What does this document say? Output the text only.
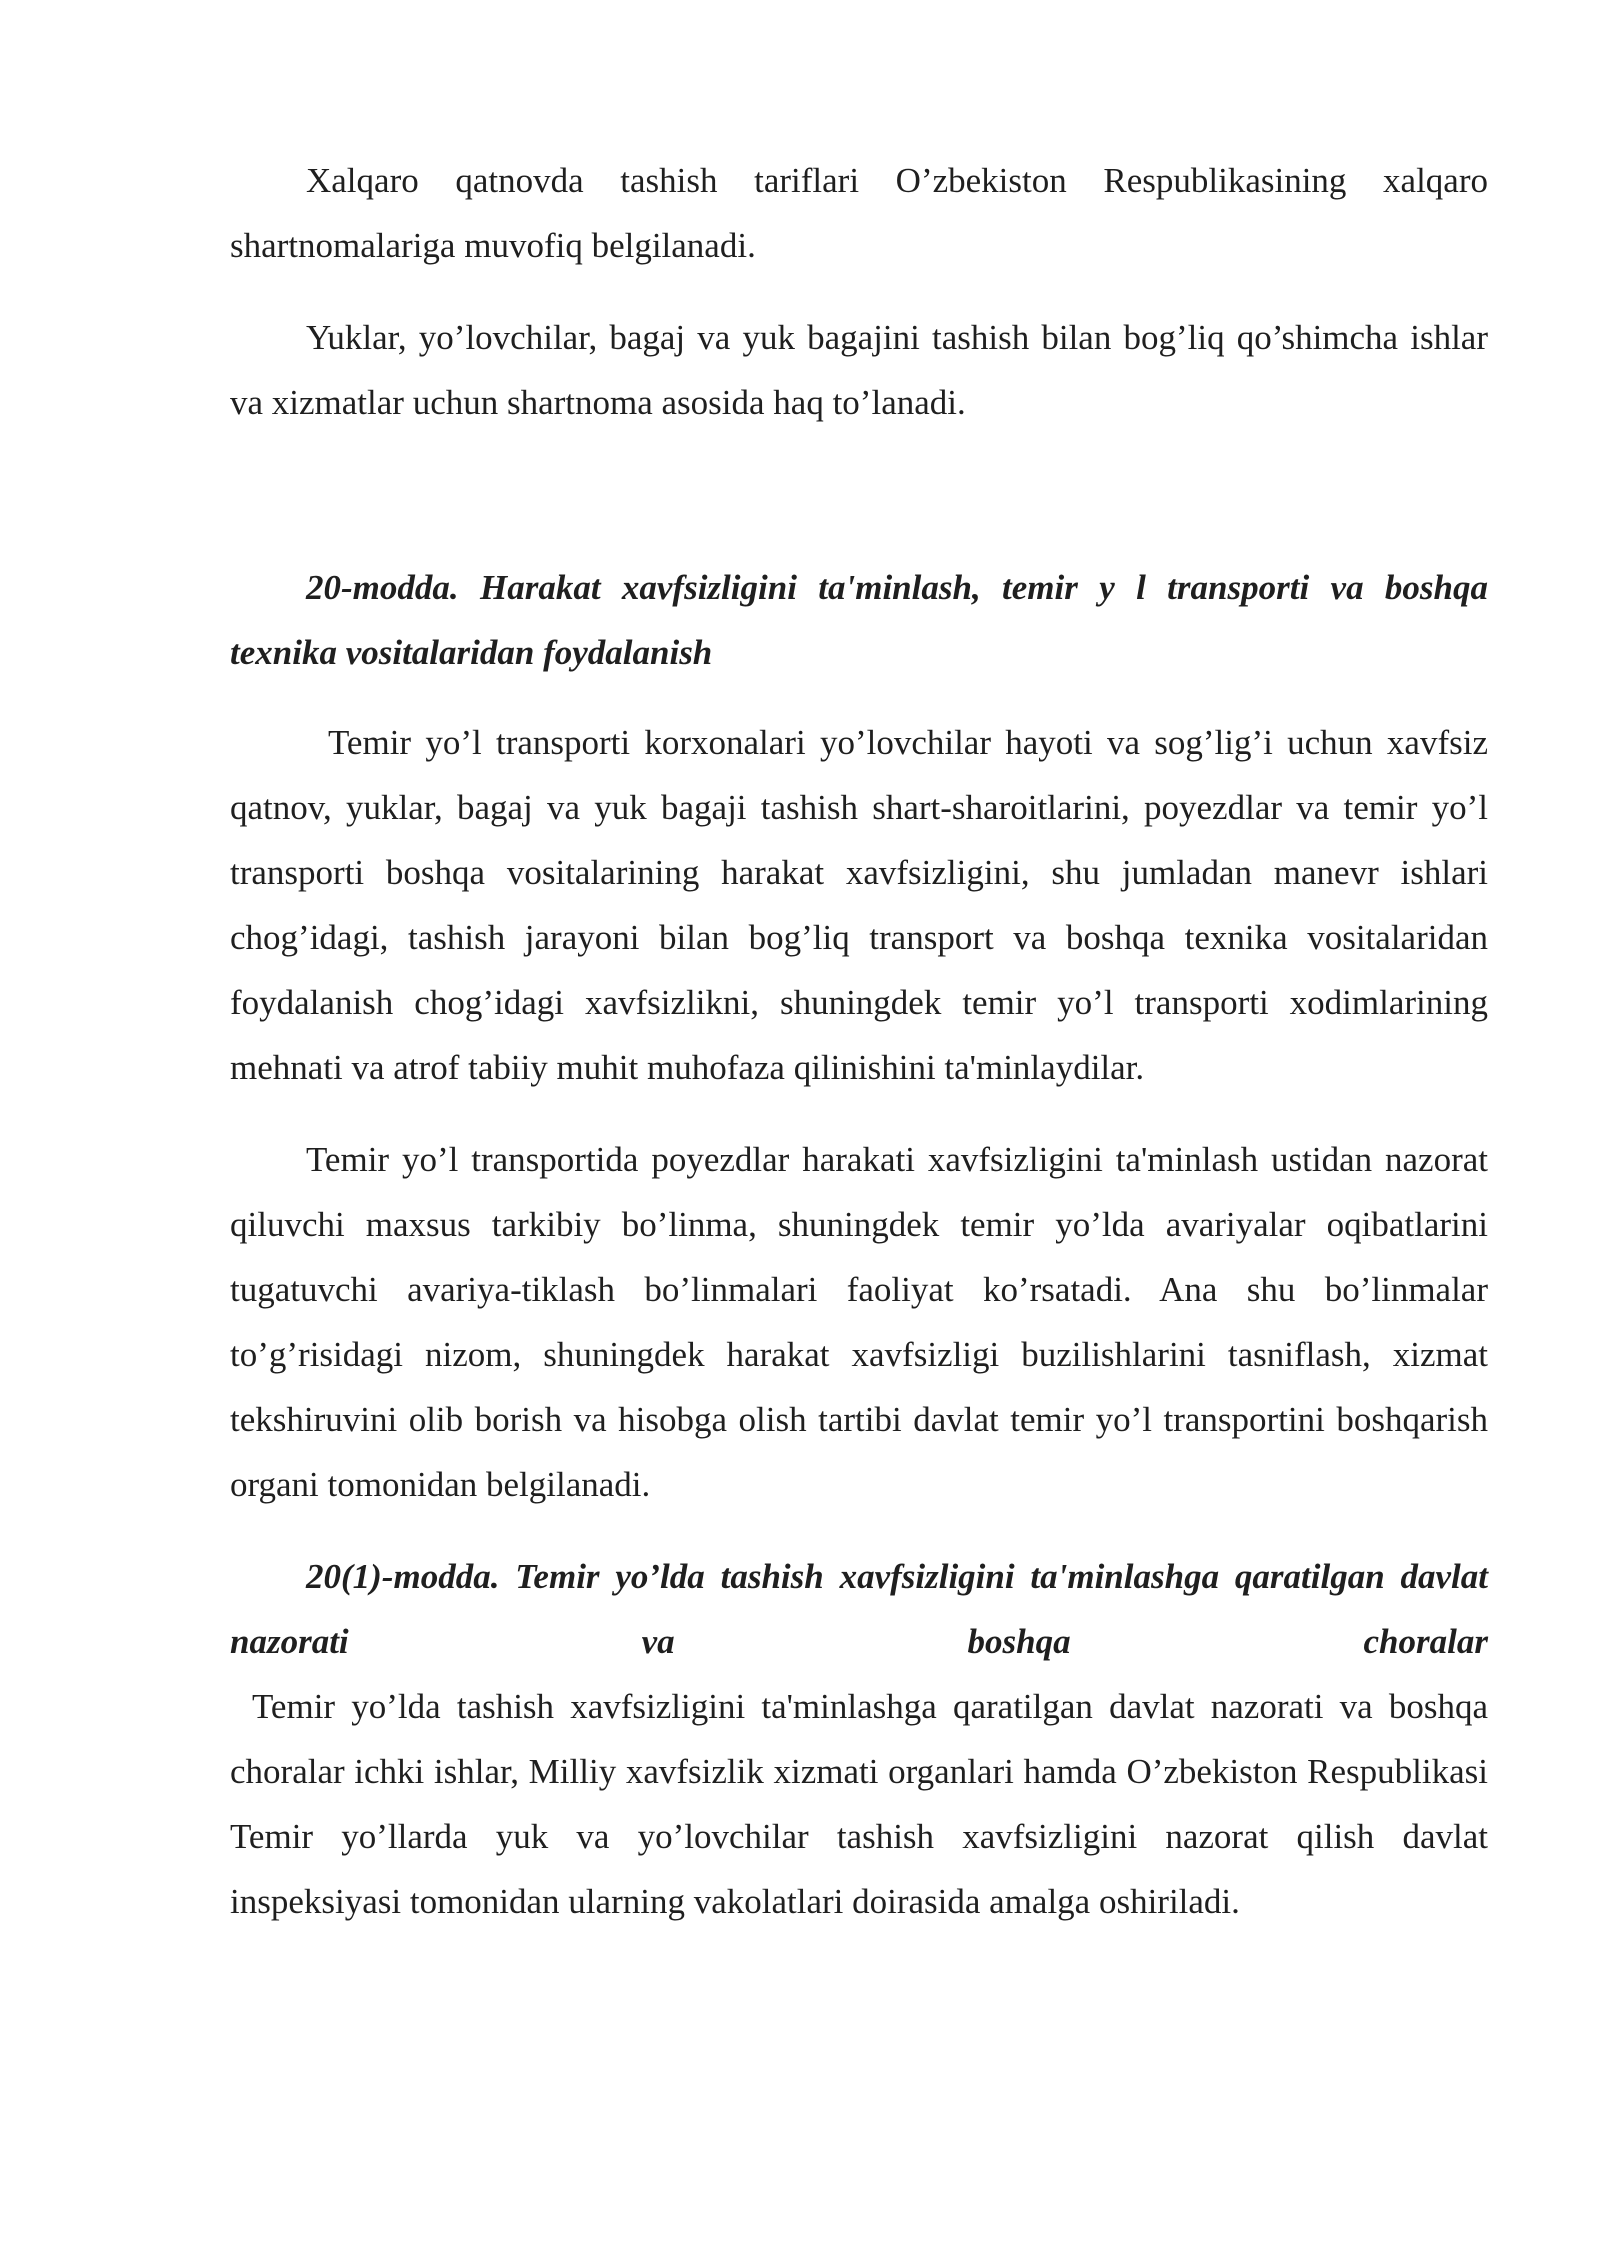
Xalqaro qatnovda tashish tariflari O’zbekiston Respublikasining xalqaro shartnomalariga muvofiq belgilanadi.

Yuklar, yo’lovchilar, bagaj va yuk bagajini tashish bilan bog’liq qo’shimcha ishlar va xizmatlar uchun shartnoma asosida haq to’lanadi.

20-modda. Harakat xavfsizligini ta'minlash, temir y l transporti va boshqa texnika vositalaridan foydalanish

Temir yo’l transporti korxonalari yo’lovchilar hayoti va sog’lig’i uchun xavfsiz qatnov, yuklar, bagaj va yuk bagaji tashish shart-sharoitlarini, poyezdlar va temir yo’l transporti boshqa vositalarining harakat xavfsizligini, shu jumladan manevr ishlari chog’idagi, tashish jarayoni bilan bog’liq transport va boshqa texnika vositalaridan foydalanish chog’idagi xavfsizlikni, shuningdek temir yo’l transporti xodimlarining mehnati va atrof tabiiy muhit muhofaza qilinishini ta'minlaydilar.

Temir yo’l transportida poyezdlar harakati xavfsizligini ta'minlash ustidan nazorat qiluvchi maxsus tarkibiy bo’linma, shuningdek temir yo’lda avariyalar oqibatlarini tugatuvchi avariya-tiklash bo’linmalari faoliyat ko’rsatadi. Ana shu bo’linmalar to’g’risidagi nizom, shuningdek harakat xavfsizligi buzilishlarini tasniflash, xizmat tekshiruvini olib borish va hisobga olish tartibi davlat temir yo’l transportini boshqarish organi tomonidan belgilanadi.

20(1)-modda. Temir yo’lda tashish xavfsizligini ta'minlashga qaratilgan davlat nazorati va boshqa choralar

Temir yo’lda tashish xavfsizligini ta'minlashga qaratilgan davlat nazorati va boshqa choralar ichki ishlar, Milliy xavfsizlik xizmati organlari hamda O’zbekiston Respublikasi Temir yo’llarda yuk va yo’lovchilar tashish xavfsizligini nazorat qilish davlat inspeksiyasi tomonidan ularning vakolatlari doirasida amalga oshiriladi.
